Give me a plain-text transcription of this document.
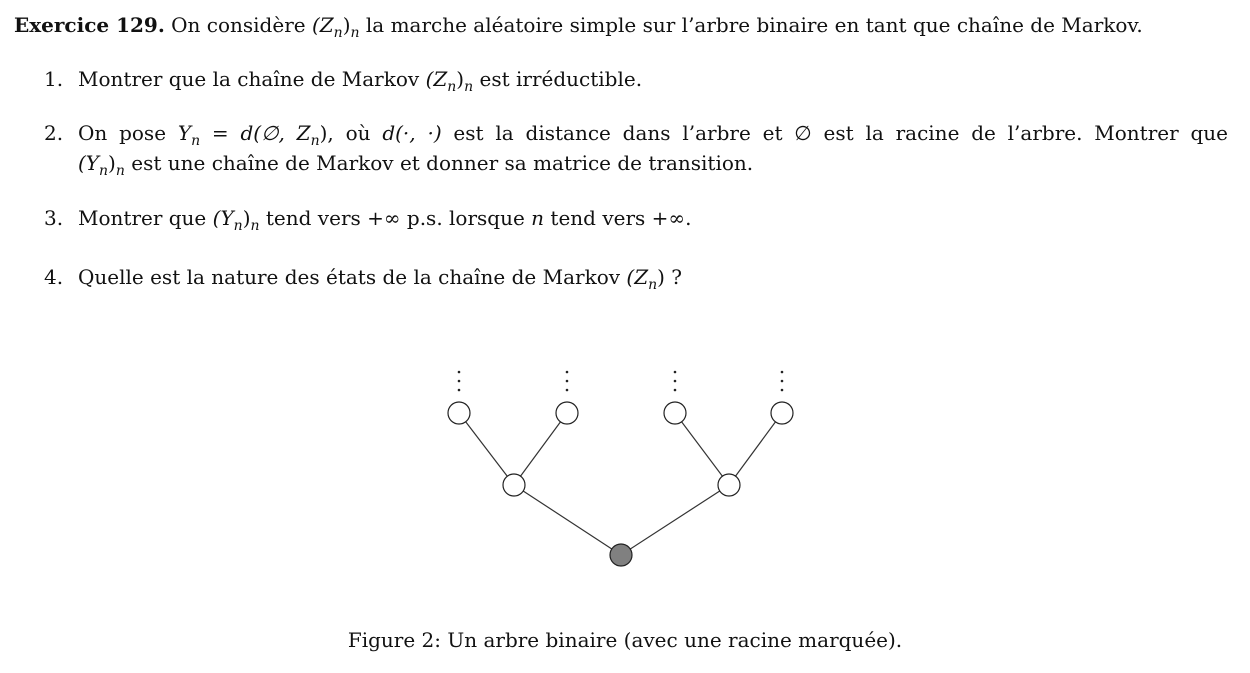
Exercice 129. On considère $(Z_n)_n$ la marche aléatoire simple sur l’arbre binaire en tant que chaîne de Markov.
1. Montrer que la chaîne de Markov $(Z_n)_n$ est irréductible.
2. On pose $Y_n$ = d(∅, $Z_n$), où d(·, ·) est la distance dans l’arbre et ∅ est la racine de l’arbre. Montrer que
$(Y_n)_n$ est une chaîne de Markov et donner sa matrice de transition.
3. Montrer que $(Y_n)_n$ tend vers +∞ p.s. lorsque n tend vers +∞.
4. Quelle est la nature des états de la chaîne de Markov $(Z_n)$ ?
Figure 2: Un arbre binaire (avec une racine marquée).
